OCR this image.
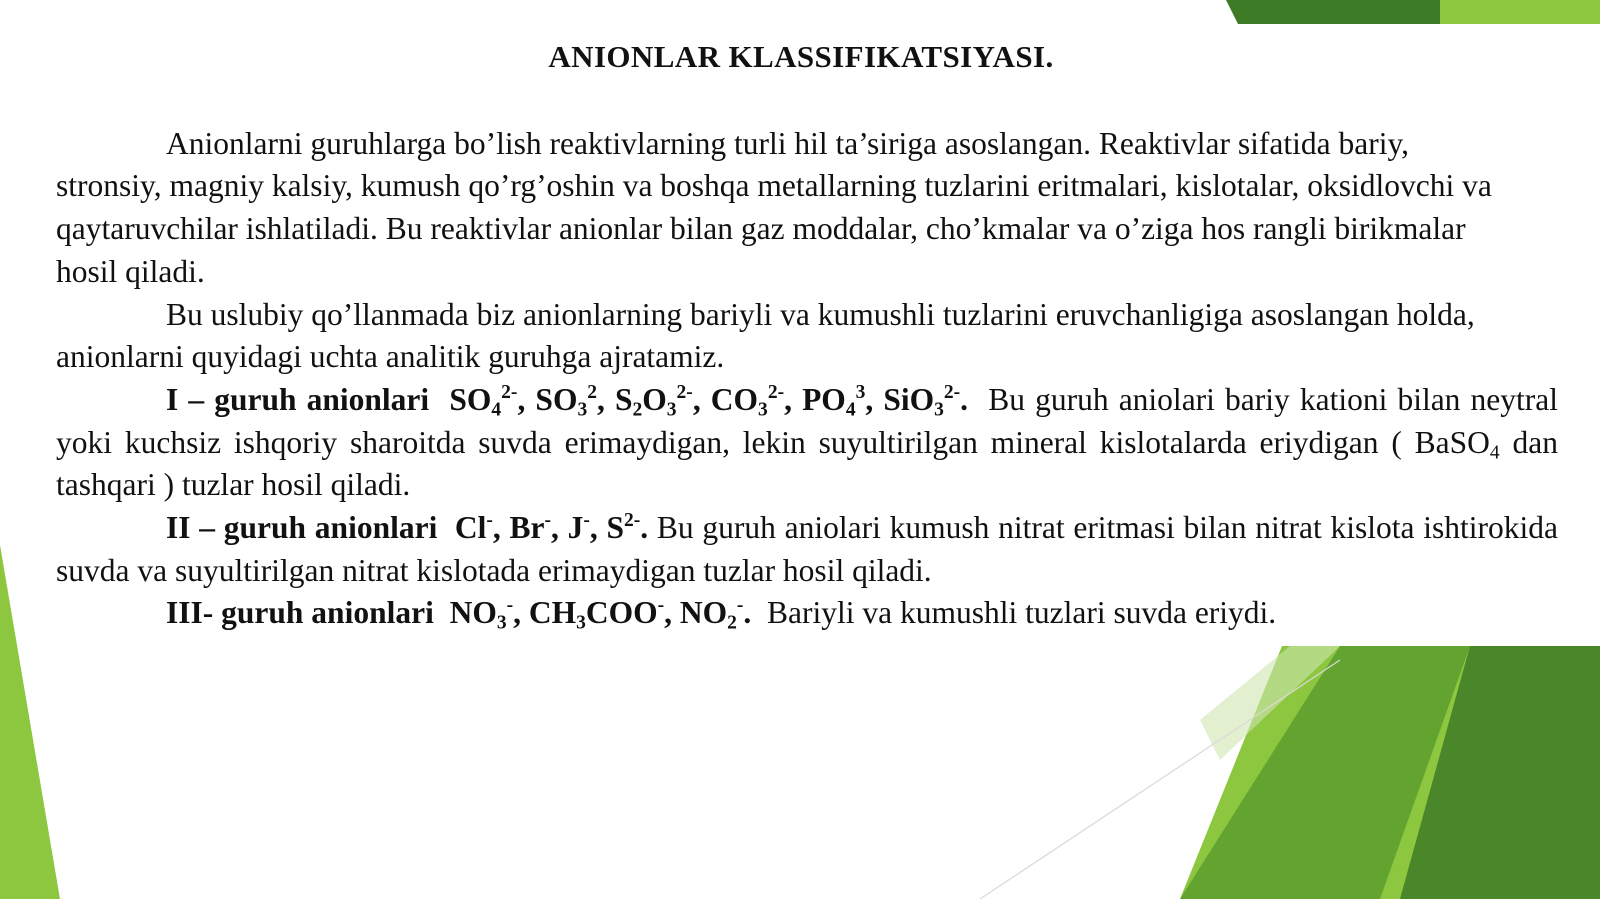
ANIONLAR KLASSIFIKATSIYASI.

Anionlarni guruhlarga bo’lish reaktivlarning turli hil ta’siriga asoslangan. Reaktivlar sifatida bariy, stronsiy, magniy kalsiy, kumush qo’rg’oshin va boshqa metallarning tuzlarini eritmalari, kislotalar, oksidlovchi va qaytaruvchilar ishlatiladi. Bu reaktivlar anionlar bilan gaz moddalar, cho’kmalar va o’ziga hos rangli birikmalar hosil qiladi.

Bu uslubiy qo’llanmada biz anionlarning bariyli va kumushli tuzlarini eruvchanligiga asoslangan holda, anionlarni quyidagi uchta analitik guruhga ajratamiz.

I – guruh anionlari $SO_4^{2-}$, $SO_3^2$, $S_2O_3^{2-}$, $CO_3^{2-}$, $PO_4^3$, SiO$_3^{2-}$. Bu guruh aniolari bariy kationi bilan neytral yoki kuchsiz ishqoriy sharoitda suvda erimaydigan, lekin suyultirilgan mineral kislotalarda eriydigan ( BaSO$_4$ dan tashqari ) tuzlar hosil qiladi.

II – guruh anionlari Cl-, Br-, J-, $S^{2-}$. Bu guruh aniolari kumush nitrat eritmasi bilan nitrat kislota ishtirokida suvda va suyultirilgan nitrat kislotada erimaydigan tuzlar hosil qiladi.

III- guruh anionlari $NO_3^-$, $CH_3COO^-$, $NO_2^-$. Bariyli va kumushli tuzlari suvda eriydi.
